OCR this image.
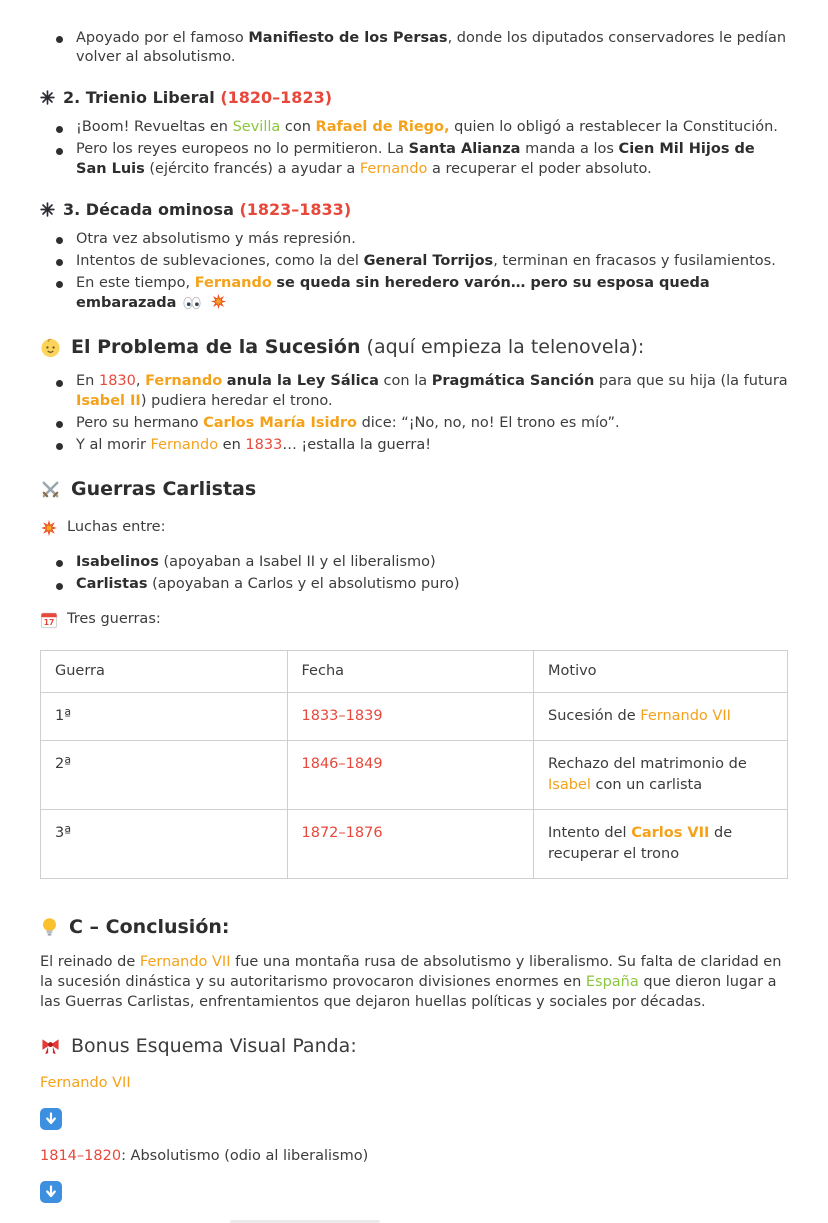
Apoyado por el famoso Manifiesto de los Persas, donde los diputados conservadores le pedían volver al absolutismo.
2. Trienio Liberal (1820–1823)
¡Boom! Revueltas en Sevilla con Rafael de Riego, quien lo obligó a restablecer la Constitución.
Pero los reyes europeos no lo permitieron. La Santa Alianza manda a los Cien Mil Hijos de San Luis (ejército francés) a ayudar a Fernando a recuperar el poder absoluto.
3. Década ominosa (1823–1833)
Otra vez absolutismo y más represión.
Intentos de sublevaciones, como la del General Torrijos, terminan en fracasos y fusilamientos.
En este tiempo, Fernando se queda sin heredero varón… pero su esposa queda embarazada

El Problema de la Sucesión (aquí empieza la telenovela):
En 1830, Fernando anula la Ley Sálica con la Pragmática Sanción para que su hija (la futura Isabel II) pudiera heredar el trono.
Pero su hermano Carlos María Isidro dice: “¡No, no, no! El trono es mío”.
Y al morir Fernando en 1833… ¡estalla la guerra!
Guerras Carlistas
Luchas entre:
Isabelinos (apoyaban a Isabel II y el liberalismo)
Carlistas (apoyaban a Carlos y el absolutismo puro)
17 Tres guerras:
Guerra	Fecha	Motivo
1ª	1833–1839	Sucesión de Fernando VII
2ª	1846–1849	Rechazo del matrimonio de Isabel con un carlista
3ª	1872–1876	Intento del Carlos VII de recuperar el trono
C – Conclusión:

El reinado de Fernando VII fue una montaña rusa de absolutismo y liberalismo. Su falta de claridad en la sucesión dinástica y su autoritarismo provocaron divisiones enormes en España que dieron lugar a las Guerras Carlistas, enfrentamientos que dejaron huellas políticas y sociales por décadas.

Bonus Esquema Visual Panda:

Fernando VII

1814–1820: Absolutismo (odio al liberalismo)
